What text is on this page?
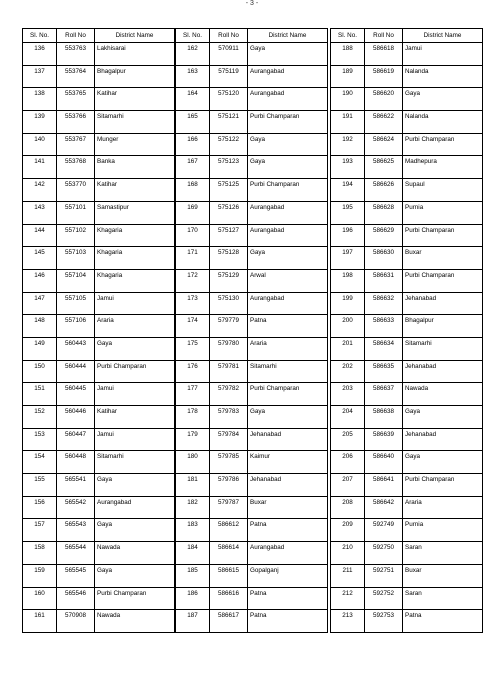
- 3 -
Sl. No.	Roll No	District Name
136	553763	Lakhisarai
137	553764	Bhagalpur
138	553765	Katihar
139	553766	Sitamarhi
140	553767	Munger
141	553768	Banka
142	553770	Katihar
143	557101	Samastipur
144	557102	Khagaria
145	557103	Khagaria
146	557104	Khagaria
147	557105	Jamui
148	557106	Araria
149	560443	Gaya
150	560444	Purbi Champaran
151	560445	Jamui
152	560446	Katihar
153	560447	Jamui
154	560448	Sitamarhi
155	565541	Gaya
156	565542	Aurangabad
157	565543	Gaya
158	565544	Nawada
159	565545	Gaya
160	565546	Purbi Champaran
161	570908	Nawada
Sl. No.	Roll No	District Name
162	570911	Gaya
163	575119	Aurangabad
164	575120	Aurangabad
165	575121	Purbi Champaran
166	575122	Gaya
167	575123	Gaya
168	575125	Purbi Champaran
169	575126	Aurangabad
170	575127	Aurangabad
171	575128	Gaya
172	575129	Arwal
173	575130	Aurangabad
174	579779	Patna
175	579780	Araria
176	579781	Sitamarhi
177	579782	Purbi Champaran
178	579783	Gaya
179	579784	Jehanabad
180	579785	Kaimur
181	579786	Jehanabad
182	579787	Buxar
183	586612	Patna
184	586614	Aurangabad
185	586615	Gopalganj
186	586616	Patna
187	586617	Patna
Sl. No.	Roll No	District Name
188	586618	Jamui
189	586619	Nalanda
190	586620	Gaya
191	586622	Nalanda
192	586624	Purbi Champaran
193	586625	Madhepura
194	586626	Supaul
195	586628	Purnia
196	586629	Purbi Champaran
197	586630	Buxar
198	586631	Purbi Champaran
199	586632	Jehanabad
200	586633	Bhagalpur
201	586634	Sitamarhi
202	586635	Jehanabad
203	586637	Nawada
204	586638	Gaya
205	586639	Jehanabad
206	586640	Gaya
207	586641	Purbi Champaran
208	586642	Araria
209	592749	Purnia
210	592750	Saran
211	592751	Buxar
212	592752	Saran
213	592753	Patna
